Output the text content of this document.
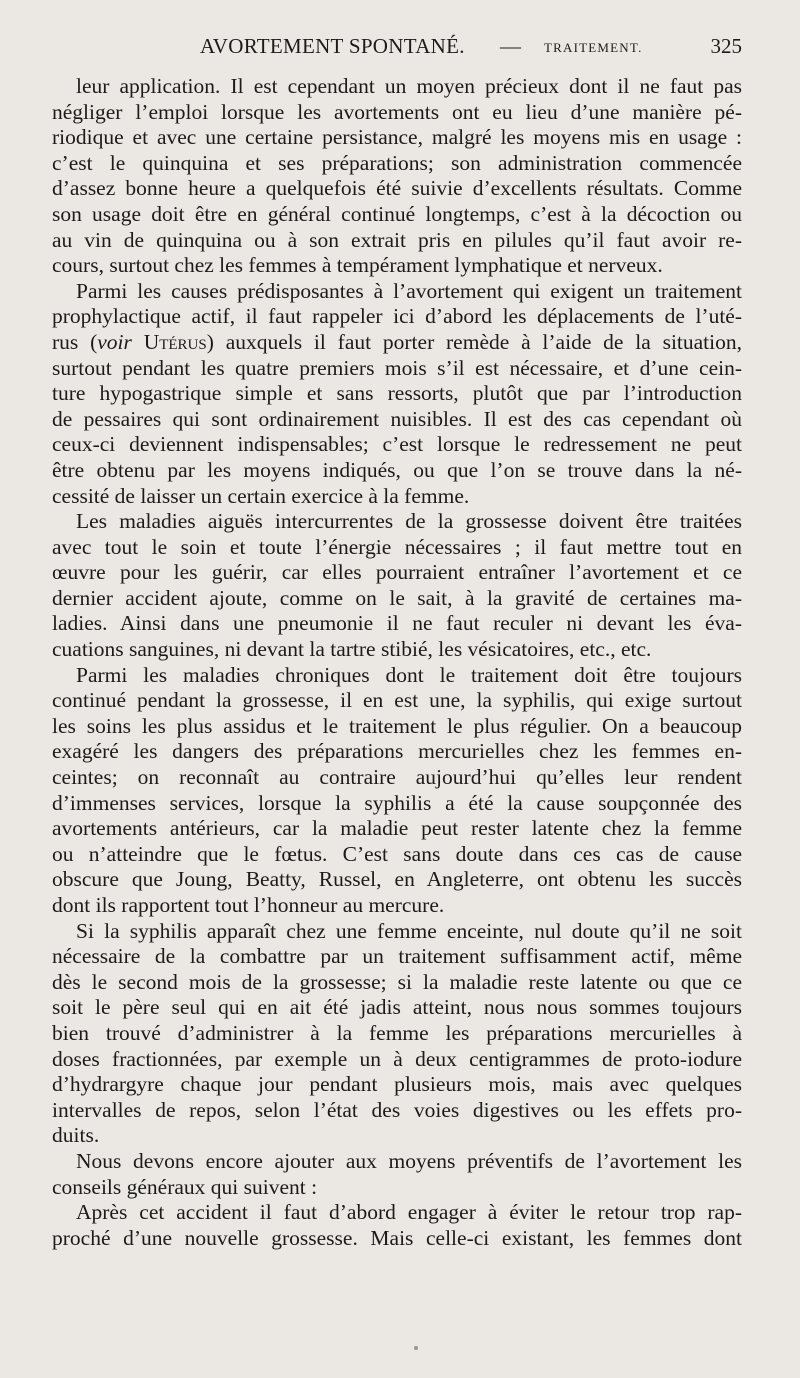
AVORTEMENT SPONTANÉ. — TRAITEMENT.	325
leur application. Il est cependant un moyen précieux dont il ne faut pas
négliger l’emploi lorsque les avortements ont eu lieu d’une manière pé-
riodique et avec une certaine persistance, malgré les moyens mis en usage :
c’est le quinquina et ses préparations; son administration commencée
d’assez bonne heure a quelquefois été suivie d’excellents résultats. Comme
son usage doit être en général continué longtemps, c’est à la décoction ou
au vin de quinquina ou à son extrait pris en pilules qu’il faut avoir re-
cours, surtout chez les femmes à tempérament lymphatique et nerveux.
Parmi les causes prédisposantes à l’avortement qui exigent un traitement
prophylactique actif, il faut rappeler ici d’abord les déplacements de l’uté-
rus (voir Utérus) auxquels il faut porter remède à l’aide de la situation,
surtout pendant les quatre premiers mois s’il est nécessaire, et d’une cein-
ture hypogastrique simple et sans ressorts, plutôt que par l’introduction
de pessaires qui sont ordinairement nuisibles. Il est des cas cependant où
ceux-ci deviennent indispensables; c’est lorsque le redressement ne peut
être obtenu par les moyens indiqués, ou que l’on se trouve dans la né-
cessité de laisser un certain exercice à la femme.
Les maladies aiguës intercurrentes de la grossesse doivent être traitées
avec tout le soin et toute l’énergie nécessaires ; il faut mettre tout en
œuvre pour les guérir, car elles pourraient entraîner l’avortement et ce
dernier accident ajoute, comme on le sait, à la gravité de certaines ma-
ladies. Ainsi dans une pneumonie il ne faut reculer ni devant les éva-
cuations sanguines, ni devant la tartre stibié, les vésicatoires, etc., etc.
Parmi les maladies chroniques dont le traitement doit être toujours
continué pendant la grossesse, il en est une, la syphilis, qui exige surtout
les soins les plus assidus et le traitement le plus régulier. On a beaucoup
exagéré les dangers des préparations mercurielles chez les femmes en-
ceintes; on reconnaît au contraire aujourd’hui qu’elles leur rendent
d’immenses services, lorsque la syphilis a été la cause soupçonnée des
avortements antérieurs, car la maladie peut rester latente chez la femme
ou n’atteindre que le fœtus. C’est sans doute dans ces cas de cause
obscure que Joung, Beatty, Russel, en Angleterre, ont obtenu les succès
dont ils rapportent tout l’honneur au mercure.
Si la syphilis apparaît chez une femme enceinte, nul doute qu’il ne soit
nécessaire de la combattre par un traitement suffisamment actif, même
dès le second mois de la grossesse; si la maladie reste latente ou que ce
soit le père seul qui en ait été jadis atteint, nous nous sommes toujours
bien trouvé d’administrer à la femme les préparations mercurielles à
doses fractionnées, par exemple un à deux centigrammes de proto-iodure
d’hydrargyre chaque jour pendant plusieurs mois, mais avec quelques
intervalles de repos, selon l’état des voies digestives ou les effets pro-
duits.
Nous devons encore ajouter aux moyens préventifs de l’avortement les
conseils généraux qui suivent :
Après cet accident il faut d’abord engager à éviter le retour trop rap-
proché d’une nouvelle grossesse. Mais celle-ci existant, les femmes dont
